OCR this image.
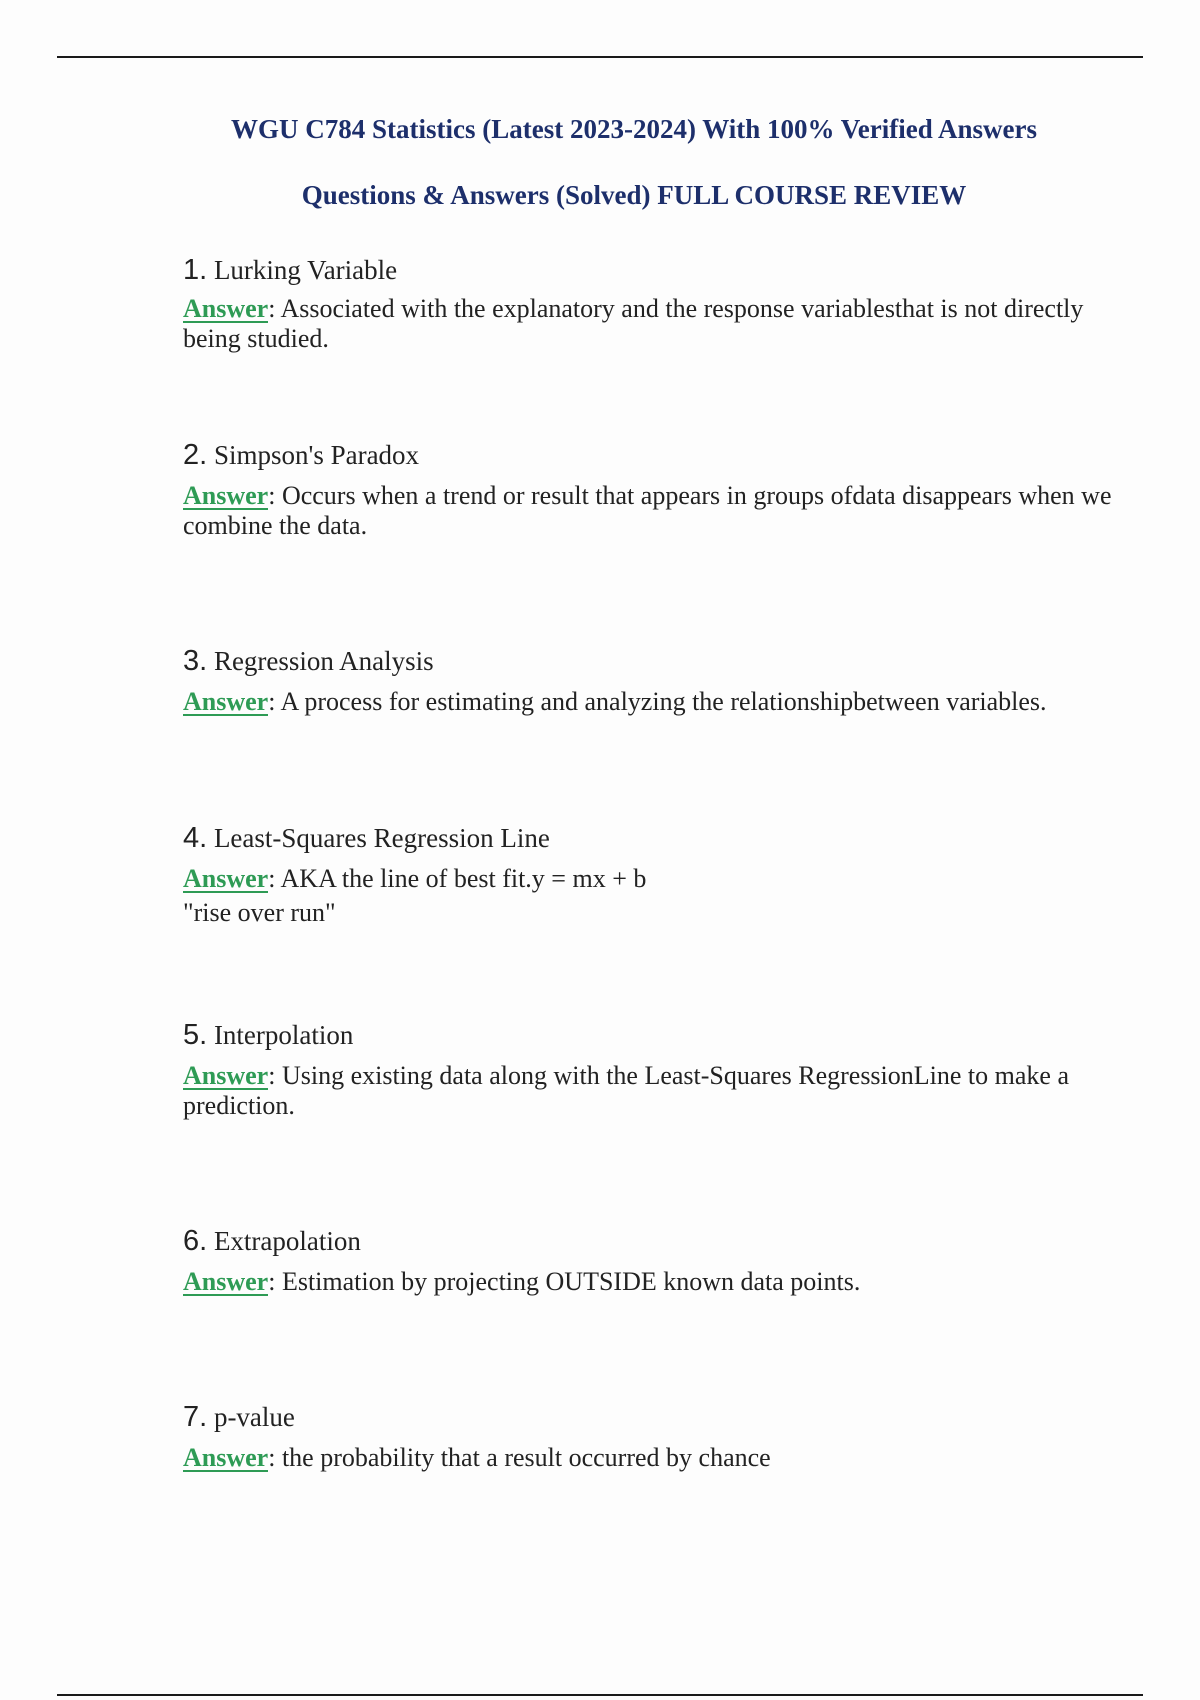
WGU C784 Statistics (Latest 2023-2024) With 100% Verified Answers
Questions & Answers (Solved) FULL COURSE REVIEW

1. Lurking Variable

Answer: Associated with the explanatory and the response variablesthat is not directly being studied.

2. Simpson's Paradox

Answer: Occurs when a trend or result that appears in groups ofdata disappears when we combine the data.

3. Regression Analysis

Answer: A process for estimating and analyzing the relationshipbetween variables.

4. Least-Squares Regression Line

Answer: AKA the line of best fit.y = mx + b

"rise over run"

5. Interpolation

Answer: Using existing data along with the Least-Squares RegressionLine to make a prediction.

6. Extrapolation

Answer: Estimation by projecting OUTSIDE known data points.

7. p-value

Answer: the probability that a result occurred by chance
